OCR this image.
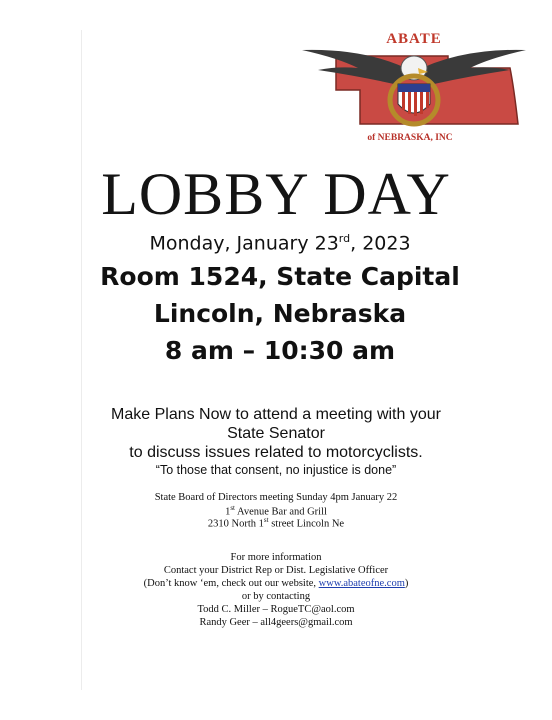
ABATE
of NEBRASKA, INC
LOBBY DAY
Monday, January 23rd, 2023
Room 1524, State Capital
Lincoln, Nebraska
8 am – 10:30 am
Make Plans Now to attend a meeting with your
State Senator
to discuss issues related to motorcyclists.
“To those that consent, no injustice is done”
State Board of Directors meeting Sunday 4pm January 22
1st Avenue Bar and Grill
2310 North 1st street Lincoln Ne
For more information
Contact your District Rep or Dist. Legislative Officer
(Don’t know ‘em, check out our website, www.abateofne.com)
or by contacting
Todd C. Miller – RogueTC@aol.com
Randy Geer – all4geers@gmail.com
